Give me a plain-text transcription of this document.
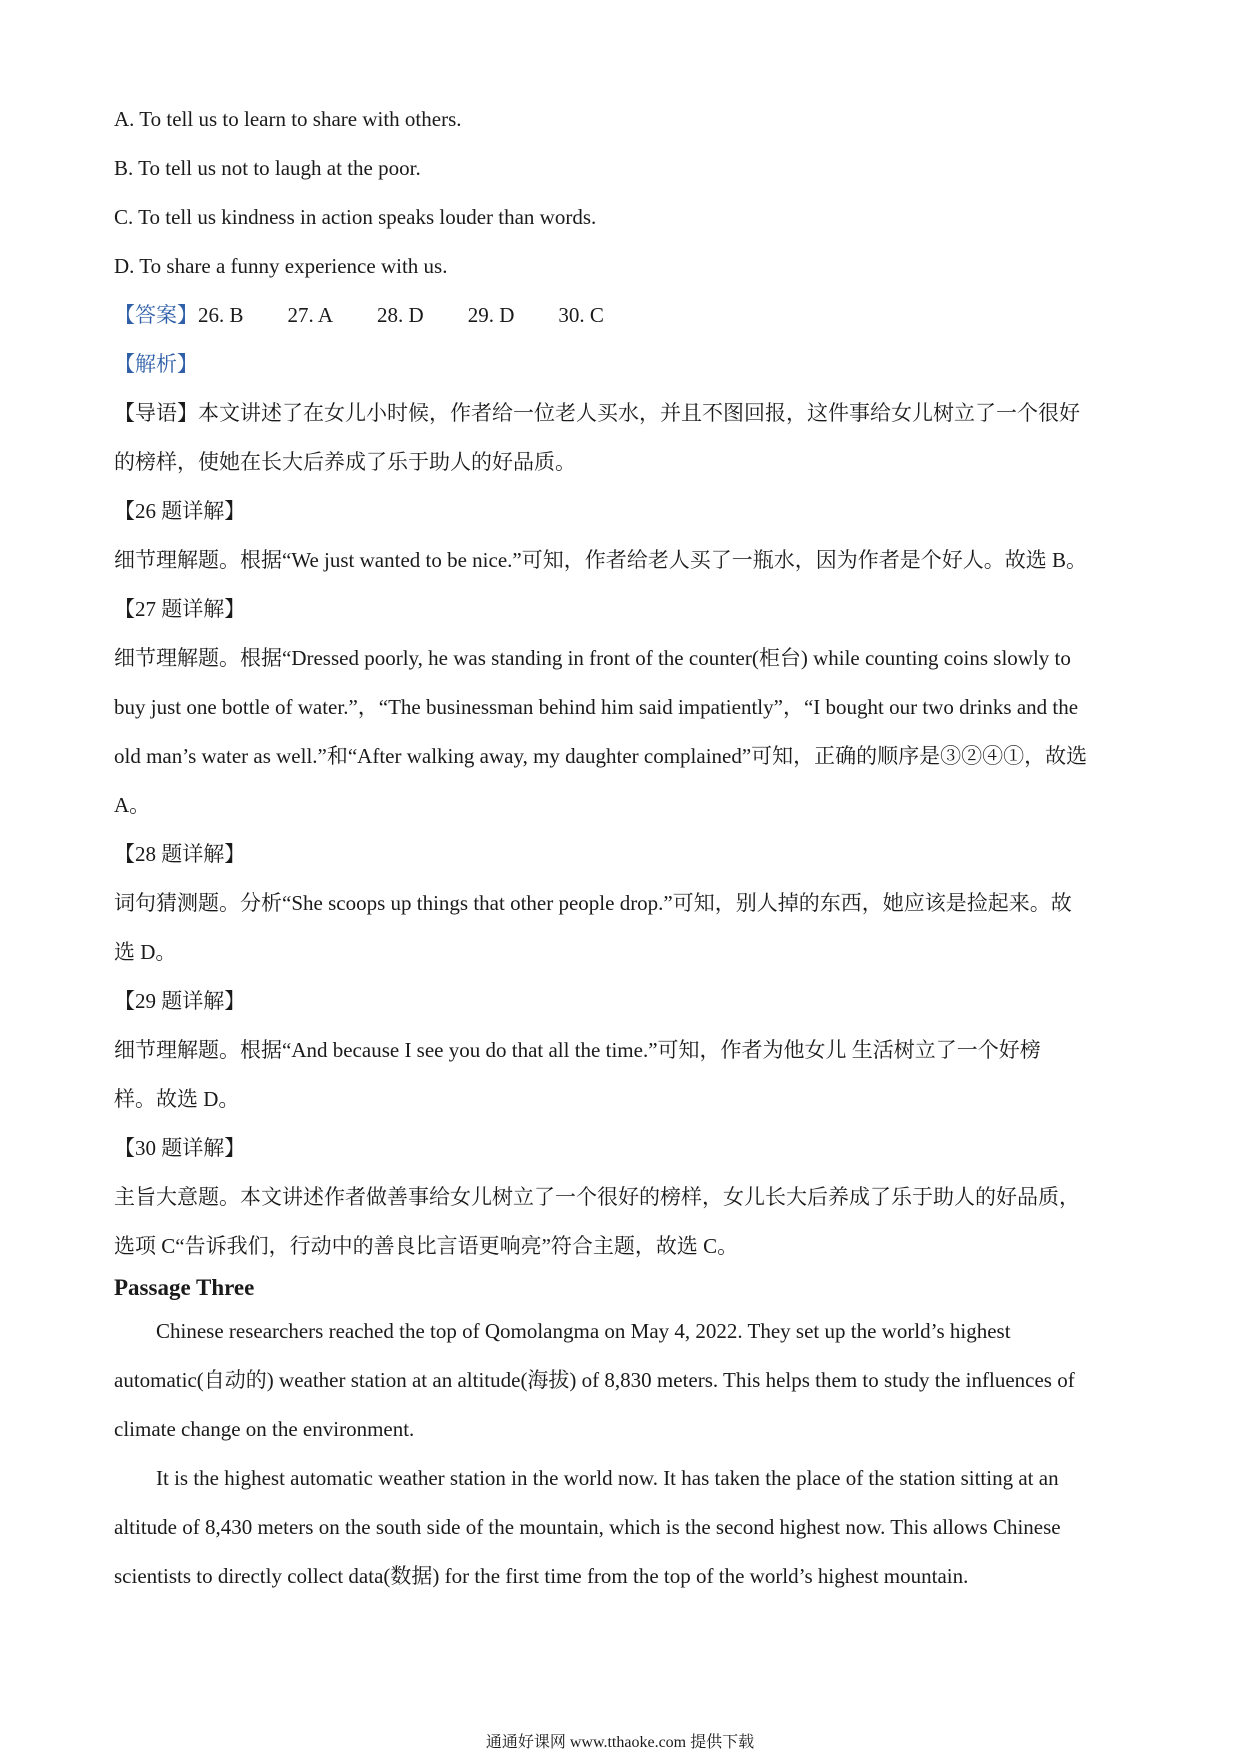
A. To tell us to learn to share with others.

B. To tell us not to laugh at the poor.

C. To tell us kindness in action speaks louder than words.

D. To share a funny experience with us.

【答案】26. B 27. A 28. D 29. D 30. C

【解析】

【导语】本文讲述了在女儿小时候，作者给一位老人买水，并且不图回报，这件事给女儿树立了一个很好

的榜样，使她在长大后养成了乐于助人的好品质。

【26 题详解】

细节理解题。根据“We just wanted to be nice.”可知，作者给老人买了一瓶水，因为作者是个好人。故选 B。

【27 题详解】

细节理解题。根据“Dressed poorly, he was standing in front of the counter(柜台) while counting coins slowly to

buy just one bottle of water.”，“The businessman behind him said impatiently”，“I bought our two drinks and the

old man’s water as well.”和“After walking away, my daughter complained”可知，正确的顺序是③②④①，故选

A。

【28 题详解】

词句猜测题。分析“She scoops up things that other people drop.”可知，别人掉的东西，她应该是捡起来。故

选 D。

【29 题详解】

细节理解题。根据“And because I see you do that all the time.”可知，作者为他女儿 生活树立了一个好榜

样。故选 D。

【30 题详解】

主旨大意题。本文讲述作者做善事给女儿树立了一个很好的榜样，女儿长大后养成了乐于助人的好品质，

选项 C“告诉我们，行动中的善良比言语更响亮”符合主题，故选 C。

Passage Three

Chinese researchers reached the top of Qomolangma on May 4, 2022. They set up the world’s highest

automatic(自动的) weather station at an altitude(海拔) of 8,830 meters. This helps them to study the influences of

climate change on the environment.

It is the highest automatic weather station in the world now. It has taken the place of the station sitting at an

altitude of 8,430 meters on the south side of the mountain, which is the second highest now. This allows Chinese

scientists to directly collect data(数据) for the first time from the top of the world’s highest mountain.

通通好课网 www.tthaoke.com 提供下载
